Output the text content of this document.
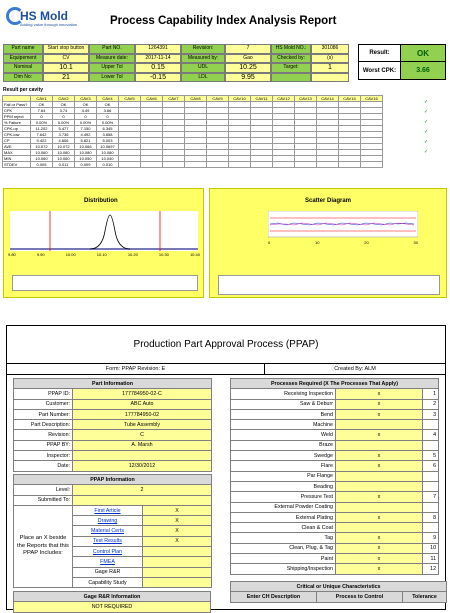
HS Mold
Adding value through innovation	Process Capability Index Analysis Report
Part name	Start stop button	Part NO.	1264391	Revision:	7	HS Mold NO.:	301086
Equipement	CV	Measure date:	2017-11-14	Measured by:	Gao	Checked by:	(s)
Nominal	10.1	Upper Tol	0.15	UDL	10.25	Target:	1
Dim No:	21	Lower Tol	-0.15	LDL	9.95
Result:	OK
Worst CPK:	3.66
Result per cavity
	CAV1	CAV2	CAV3	CAV4	CAV5	CAV6	CAV7	CAV8	CAV9	CAV10	CAV11	CAV12	CAV13	CAV14	CAV15	CAV16
Fail or Pass?	OK	OK	OK	OK												
CPK	7.64	3.74	4.49	3.66												
PPM reject	0	0	0	0												
% Failure	0.00%	0.00%	0.00%	0.00%												
CPK-up	11.202	5.477	7.150	6.345												
CPK-low	7.642	3.736	4.492	3.658												
CP	9.422	4.606	5.821	5.003												
AVE	10.072	10.072	10.066	10.0697												
MAX	10.060	10.080	10.080	10.080												
MIN	10.060	10.060	10.050	10.040												
STDEV	0.005	0.011	0.009	0.010												
✓
✓
✓
✓
✓
✓
Distribution
9.80	9.90	10.00	10.10	10.20	10.30	10.40
Scatter Diagram
0	10	20	30
Production Part Approval Process (PPAP)
Form: PPAP Revision: E	Created By: ALM
Part Information	
PPAP ID:	177784950-02-C
Customer:	ABC Auto
Part Number:	177784950-02
Part Description:	Tube Assembly
Revision:	C
PPAP BY:	A. Marsh
Inspector:	
Date:	12/30/2012
PPAP Information		
Level:	2	
Submitted To:		
Place an X beside the Reports that this PPAP Includes:	First Article	X
	Drawing	X
	Material Certs	X
	Test Results	X
	Control Plan	
	FMEA	
	Gage R&R	
	Capability Study	
Processes Required (X The Processes That Apply)		
Receiving Inspection	x	1
Saw & Deburr	x	2
Bend	x	3
Machine		
Weld	x	4
Braze		
Swedge	x	5
Flare	x	6
Par Flange		
Beading		
Pressure Test	x	7
External Powder Coating		
External Plating	x	8
Clean & Coat		
Tag	x	9
Clean, Plug, & Tag	x	10
Paint	x	11
Shipping/Inspection	x	12
Gage R&R Information
NOT REQUIRED
Critical or Unique Characteristics
Enter CH Description	Process to Control	Tolerance
